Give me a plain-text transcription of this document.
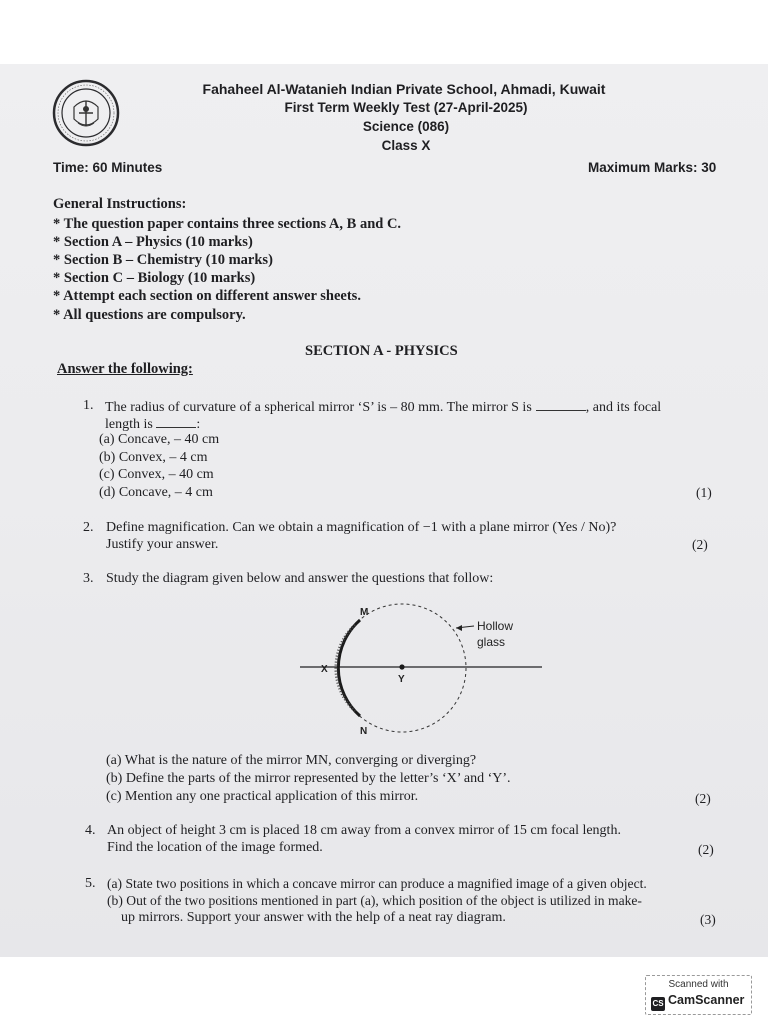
Fahaheel Al-Watanieh Indian Private School, Ahmadi, Kuwait
First Term Weekly Test (27-April-2025)
Science (086)
Class X
Time: 60 Minutes	Maximum Marks: 30
General Instructions:
* The question paper contains three sections A, B and C.
* Section A – Physics (10 marks)
* Section B – Chemistry (10 marks)
* Section C – Biology (10 marks)
* Attempt each section on different answer sheets.
* All questions are compulsory.
SECTION A - PHYSICS
Answer the following:
1. The radius of curvature of a spherical mirror ‘S’ is – 80 mm. The mirror S is	, and its focal
length is	:
(a) Concave, – 40 cm
(b) Convex, – 4 cm
(c) Convex, – 40 cm
(d) Concave, – 4 cm	(1)
2. Define magnification. Can we obtain a magnification of −1 with a plane mirror (Yes / No)?
Justify your answer.	(2)
3. Study the diagram given below and answer the questions that follow:
M
N
X
Y
Hollow
glass
(a) What is the nature of the mirror MN, converging or diverging?
(b) Define the parts of the mirror represented by the letter’s ‘X’ and ‘Y’.
(c) Mention any one practical application of this mirror.	(2)
4. An object of height 3 cm is placed 18 cm away from a convex mirror of 15 cm focal length.
Find the location of the image formed.	(2)
5. (a) State two positions in which a concave mirror can produce a magnified image of a given object.
(b) Out of the two positions mentioned in part (a), which position of the object is utilized in make-
up mirrors. Support your answer with the help of a neat ray diagram.	(3)
Scanned with
CS CamScanner
